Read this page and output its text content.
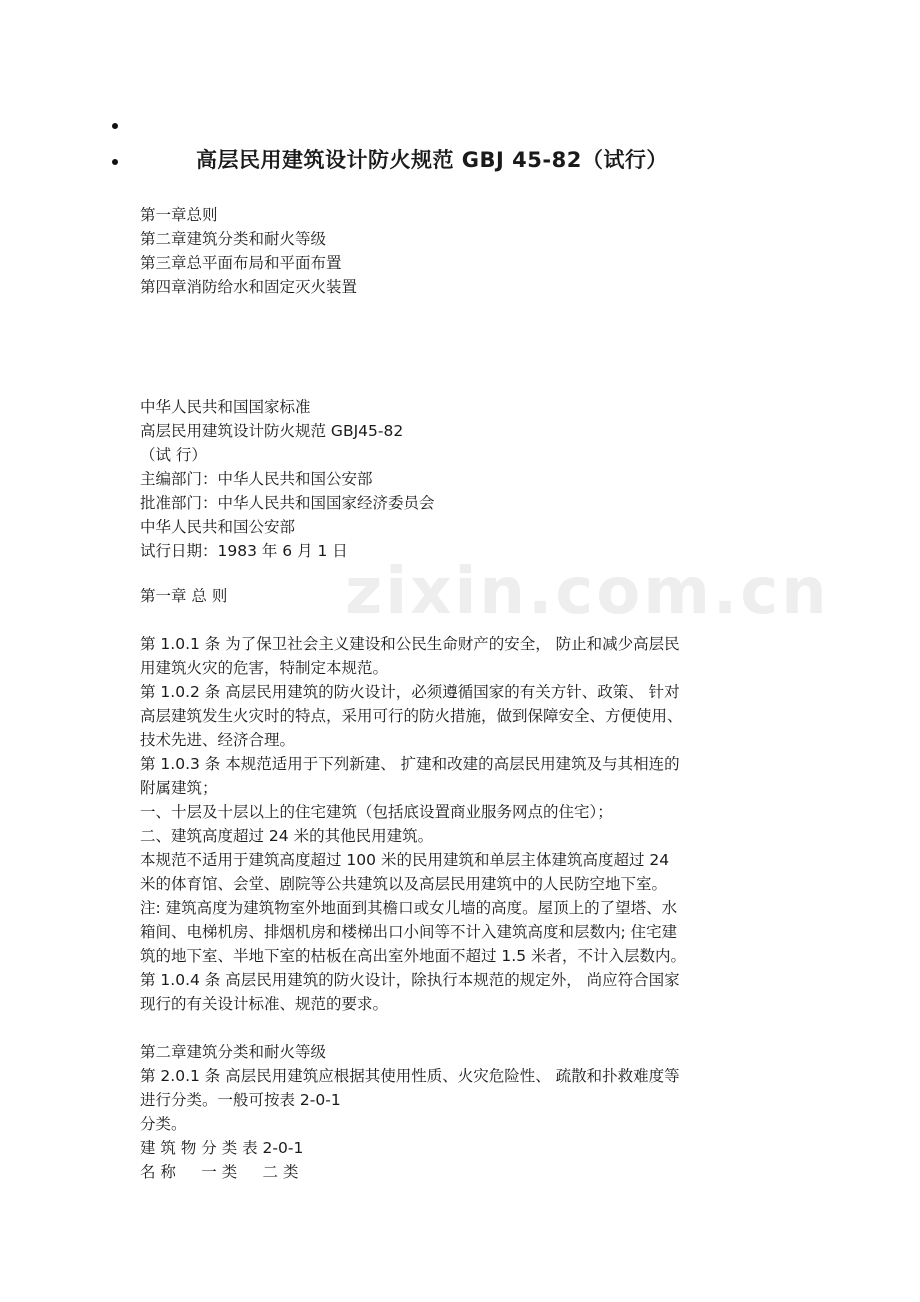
zixin.com.cn
高层民用建筑设计防火规范 GBJ 45-82（试行）
第一章总则
第二章建筑分类和耐火等级
第三章总平面布局和平面布置
第四章消防给水和固定灭火装置
中华人民共和国国家标准
高层民用建筑设计防火规范 GBJ45-82
（试 行）
主编部门：中华人民共和国公安部
批准部门：中华人民共和国国家经济委员会
中华人民共和国公安部
试行日期：1983 年 6 月 1 日
第一章 总 则
第 1.0.1 条 为了保卫社会主义建设和公民生命财产的安全， 防止和减少高层民
用建筑火灾的危害，特制定本规范。
第 1.0.2 条 高层民用建筑的防火设计，必须遵循国家的有关方针、政策、 针对
高层建筑发生火灾时的特点，采用可行的防火措施，做到保障安全、方便使用、
技术先进、经济合理。
第 1.0.3 条 本规范适用于下列新建、 扩建和改建的高层民用建筑及与其相连的
附属建筑；
一、十层及十层以上的住宅建筑（包括底设置商业服务网点的住宅）；
二、建筑高度超过 24 米的其他民用建筑。
本规范不适用于建筑高度超过 100 米的民用建筑和单层主体建筑高度超过 24
米的体育馆、会堂、剧院等公共建筑以及高层民用建筑中的人民防空地下室。
注: 建筑高度为建筑物室外地面到其檐口或女儿墙的高度。屋顶上的了望塔、水
箱间、电梯机房、排烟机房和楼梯出口小间等不计入建筑高度和层数内; 住宅建
筑的地下室、半地下室的枯板在高出室外地面不超过 1.5 米者，不计入层数内。
第 1.0.4 条 高层民用建筑的防火设计，除执行本规范的规定外， 尚应符合国家
现行的有关设计标准、规范的要求。
第二章建筑分类和耐火等级
第 2.0.1 条 高层民用建筑应根据其使用性质、火灾危险性、 疏散和扑救难度等
进行分类。一般可按表 2-0-1
分类。
建 筑 物 分 类 表 2-0-1
名 称 　 一 类 　 二 类
